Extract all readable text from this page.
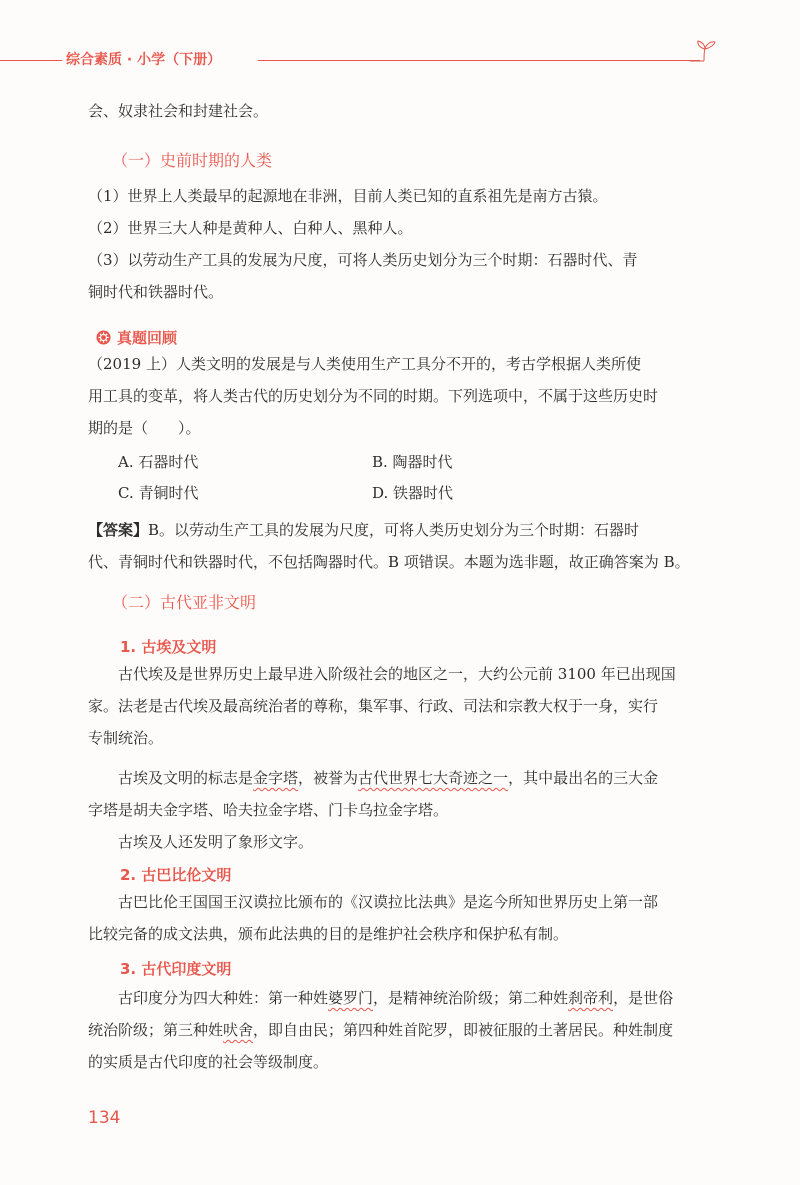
综合素质 · 小学（下册）

会、奴隶社会和封建社会。

（一）史前时期的人类

（1）世界上人类最早的起源地在非洲，目前人类已知的直系祖先是南方古猿。

（2）世界三大人种是黄种人、白种人、黑种人。

（3）以劳动生产工具的发展为尺度，可将人类历史划分为三个时期：石器时代、青

铜时代和铁器时代。

真题回顾

（2019 上）人类文明的发展是与人类使用生产工具分不开的，考古学根据人类所使

用工具的变革，将人类古代的历史划分为不同的时期。下列选项中，不属于这些历史时

期的是（　　）。

A. 石器时代	B. 陶器时代
C. 青铜时代	D. 铁器时代

【答案】B。以劳动生产工具的发展为尺度，可将人类历史划分为三个时期：石器时

代、青铜时代和铁器时代，不包括陶器时代。B 项错误。本题为选非题，故正确答案为 B。

（二）古代亚非文明
1. 古埃及文明

古代埃及是世界历史上最早进入阶级社会的地区之一，大约公元前 3100 年已出现国

家。法老是古代埃及最高统治者的尊称，集军事、行政、司法和宗教大权于一身，实行

专制统治。

古埃及文明的标志是金字塔，被誉为古代世界七大奇迹之一，其中最出名的三大金

字塔是胡夫金字塔、哈夫拉金字塔、门卡乌拉金字塔。

古埃及人还发明了象形文字。

2. 古巴比伦文明

古巴比伦王国国王汉谟拉比颁布的《汉谟拉比法典》是迄今所知世界历史上第一部

比较完备的成文法典，颁布此法典的目的是维护社会秩序和保护私有制。

3. 古代印度文明

古印度分为四大种姓：第一种姓婆罗门，是精神统治阶级；第二种姓刹帝利，是世俗

统治阶级；第三种姓吠舍，即自由民；第四种姓首陀罗，即被征服的土著居民。种姓制度

的实质是古代印度的社会等级制度。

134
